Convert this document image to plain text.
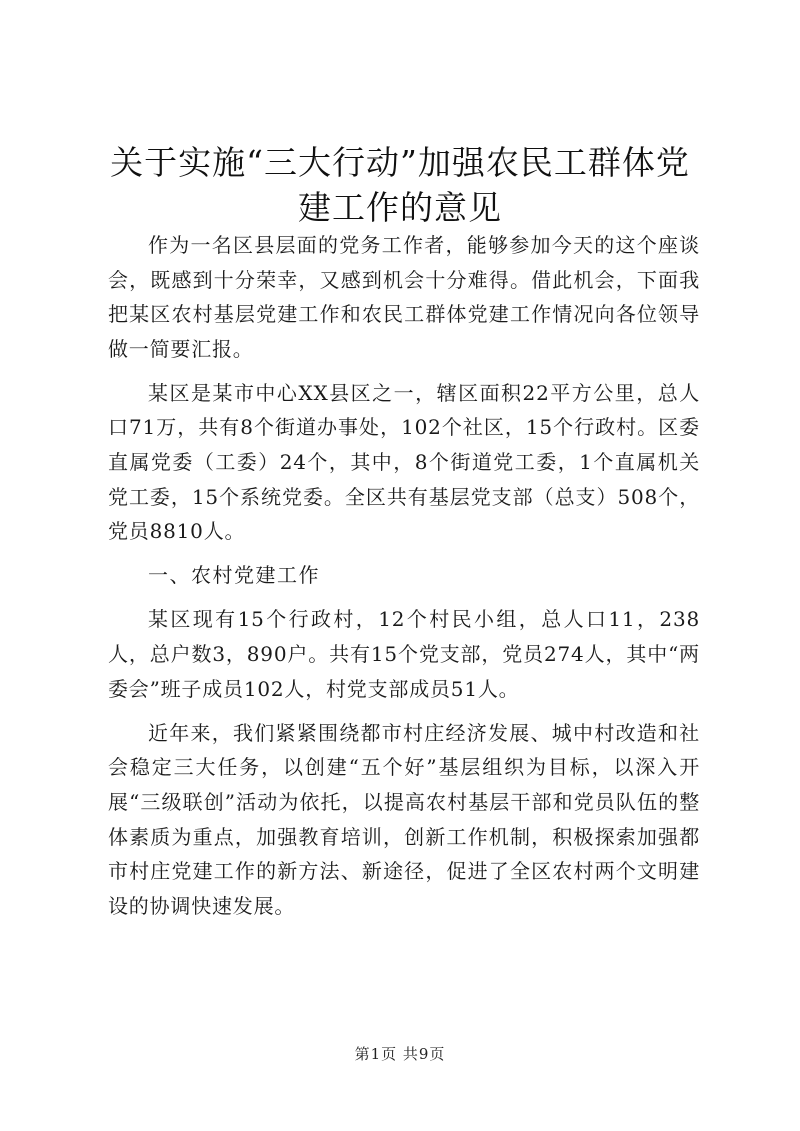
关于实施“三大行动”加强农民工群体党建工作的意见

作为一名区县层面的党务工作者，能够参加今天的这个座谈会，既感到十分荣幸，又感到机会十分难得。借此机会，下面我把某区农村基层党建工作和农民工群体党建工作情况向各位领导做一简要汇报。

某区是某市中心XX县区之一，辖区面积22平方公里，总人口71万，共有8个街道办事处，102个社区，15个行政村。区委直属党委（工委）24个，其中，8个街道党工委，1个直属机关党工委，15个系统党委。全区共有基层党支部（总支）508个，党员8810人。

一、农村党建工作

某区现有15个行政村，12个村民小组，总人口11，238人，总户数3，890户。共有15个党支部，党员274人，其中“两委会”班子成员102人，村党支部成员51人。

近年来，我们紧紧围绕都市村庄经济发展、城中村改造和社会稳定三大任务，以创建“五个好”基层组织为目标，以深入开展“三级联创”活动为依托，以提高农村基层干部和党员队伍的整体素质为重点，加强教育培训，创新工作机制，积极探索加强都市村庄党建工作的新方法、新途径，促进了全区农村两个文明建设的协调快速发展。

第1页 共9页
